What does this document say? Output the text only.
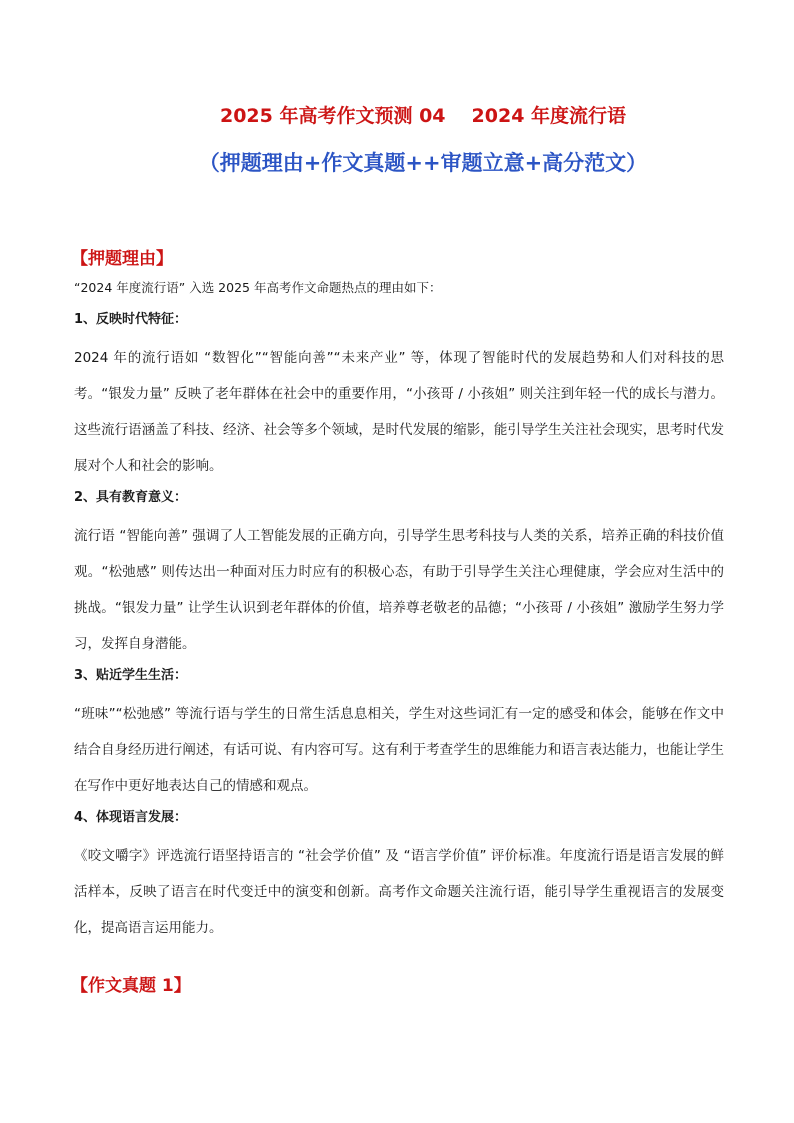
2025 年高考作文预测 04 2024 年度流行语
（押题理由+作文真题++审题立意+高分范文）
【押题理由】

“2024 年度流行语” 入选 2025 年高考作文命题热点的理由如下：

1、反映时代特征：

2024 年的流行语如 “数智化”“智能向善”“未来产业” 等，体现了智能时代的发展趋势和人们对科技的思考。“银发力量” 反映了老年群体在社会中的重要作用，“小孩哥 / 小孩姐” 则关注到年轻一代的成长与潜力。这些流行语涵盖了科技、经济、社会等多个领域，是时代发展的缩影，能引导学生关注社会现实，思考时代发展对个人和社会的影响。

2、具有教育意义：

流行语 “智能向善” 强调了人工智能发展的正确方向，引导学生思考科技与人类的关系，培养正确的科技价值观。“松弛感” 则传达出一种面对压力时应有的积极心态，有助于引导学生关注心理健康，学会应对生活中的挑战。“银发力量” 让学生认识到老年群体的价值，培养尊老敬老的品德；“小孩哥 / 小孩姐” 激励学生努力学习，发挥自身潜能。

3、贴近学生生活：

“班味”“松弛感” 等流行语与学生的日常生活息息相关，学生对这些词汇有一定的感受和体会，能够在作文中结合自身经历进行阐述，有话可说、有内容可写。这有利于考查学生的思维能力和语言表达能力，也能让学生在写作中更好地表达自己的情感和观点。

4、体现语言发展：

《咬文嚼字》评选流行语坚持语言的 “社会学价值” 及 “语言学价值” 评价标准。年度流行语是语言发展的鲜活样本，反映了语言在时代变迁中的演变和创新。高考作文命题关注流行语，能引导学生重视语言的发展变化，提高语言运用能力。

【作文真题 1】
